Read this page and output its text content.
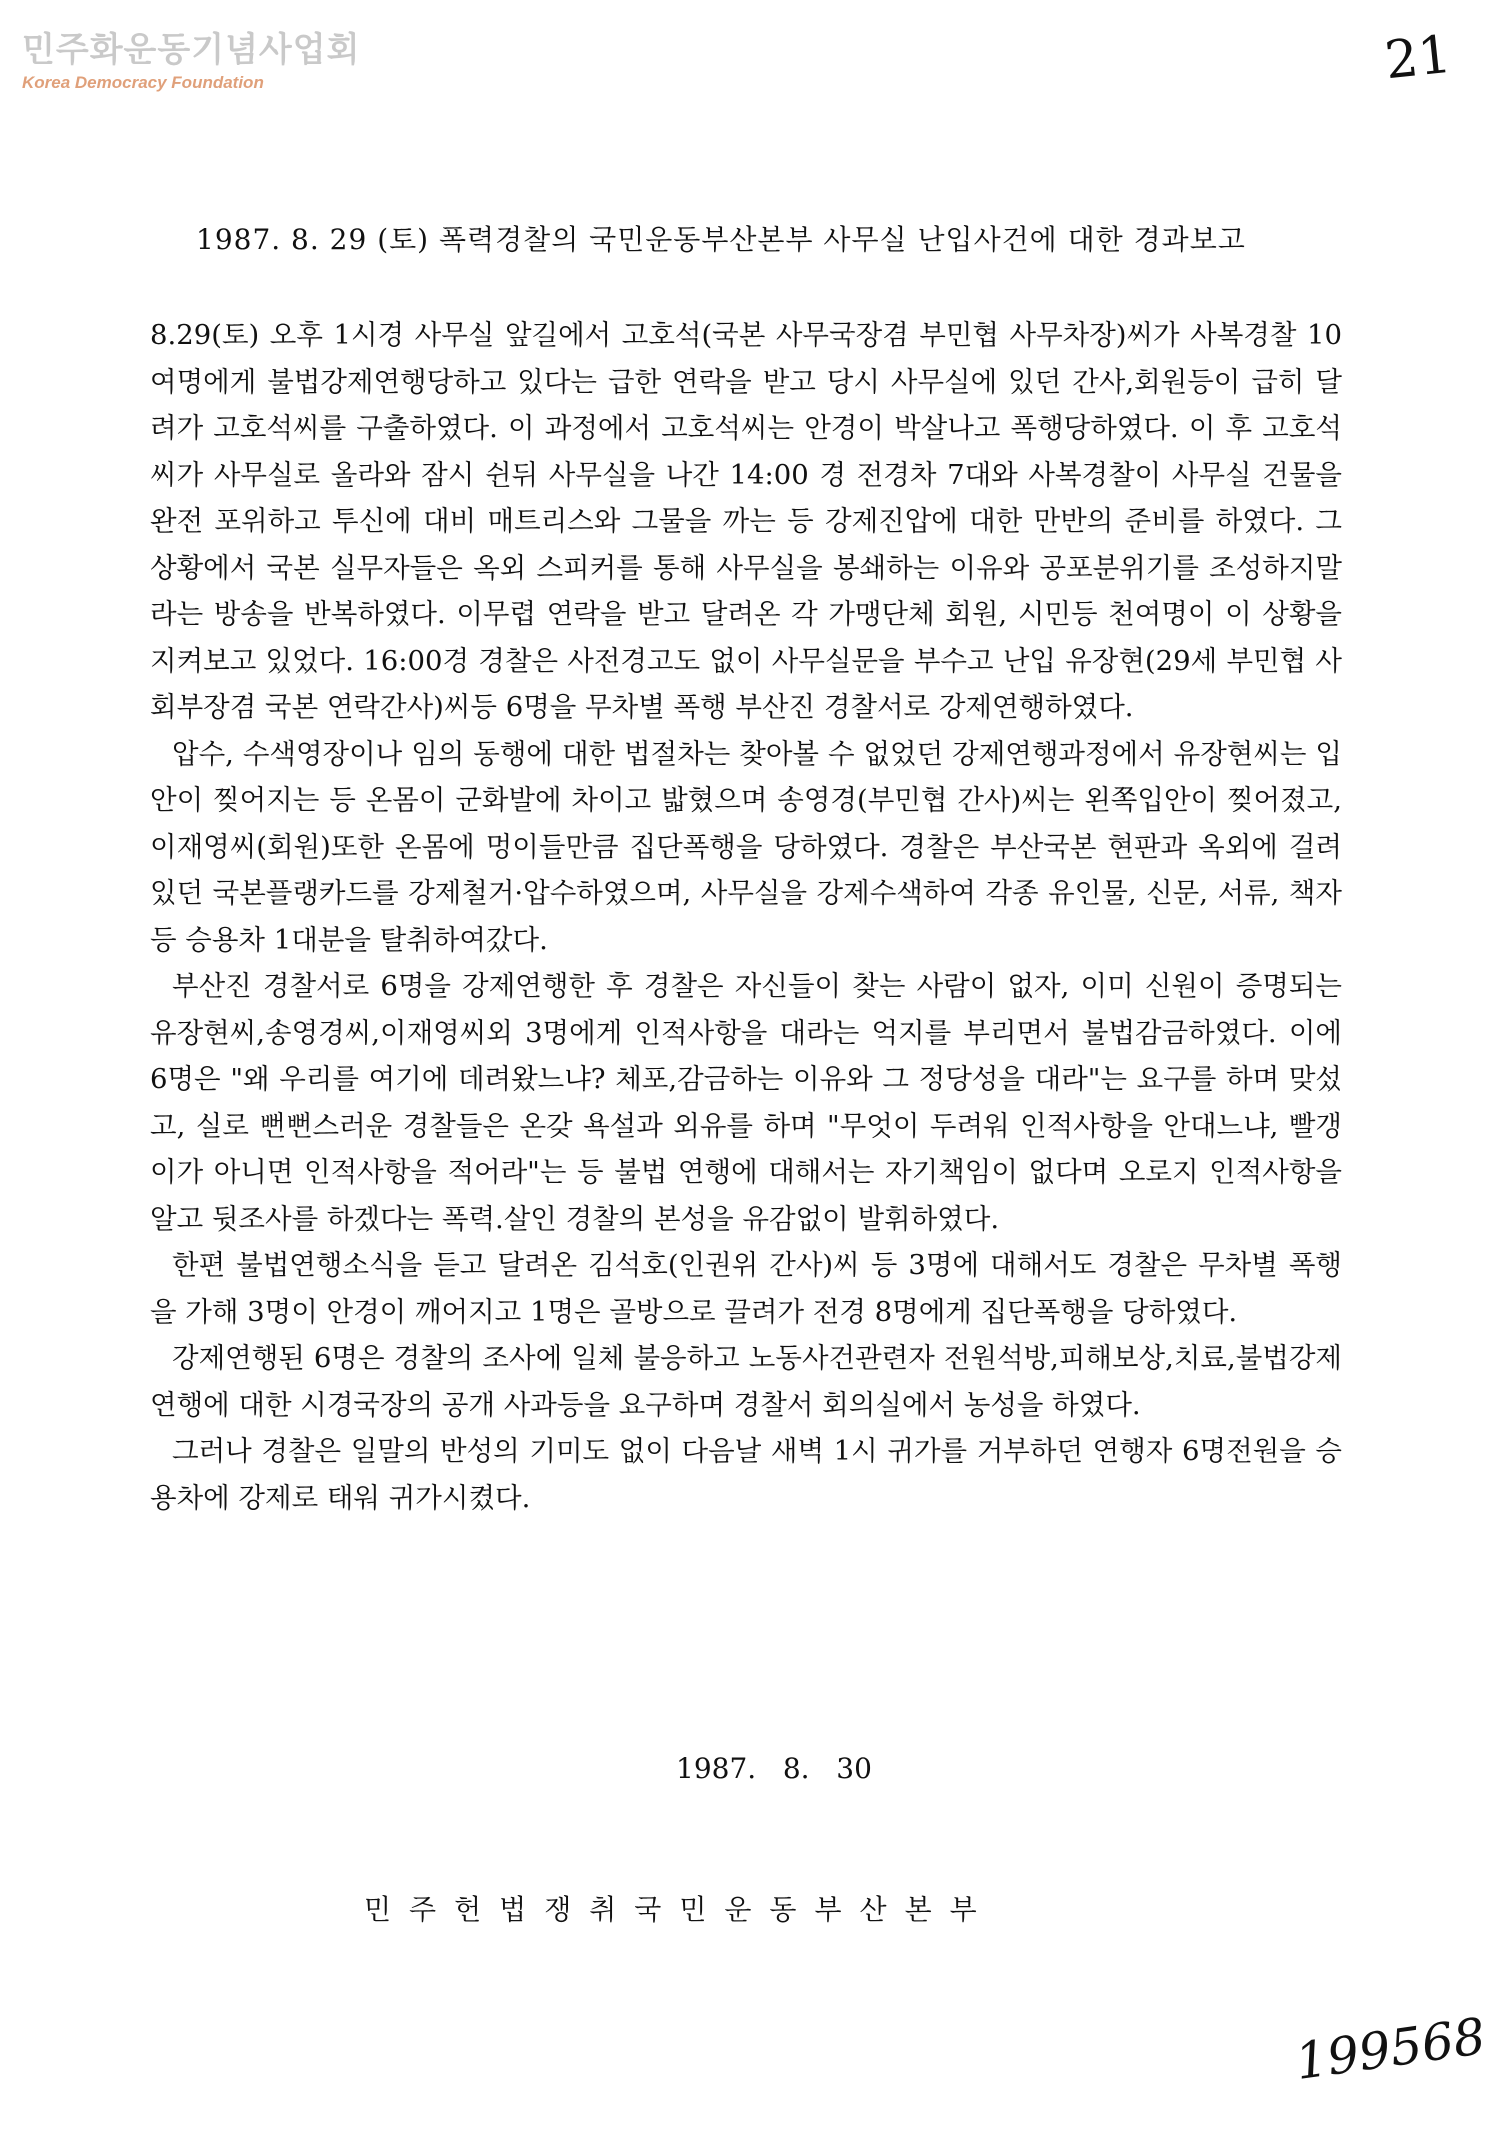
민주화운동기념사업회
Korea Democracy Foundation	21
1987. 8. 29 (토) 폭력경찰의 국민운동부산본부 사무실 난입사건에 대한 경과보고

8.29(토) 오후 1시경 사무실 앞길에서 고호석(국본 사무국장겸 부민협 사무차장)씨가 사복경찰 10여명에게 불법강제연행당하고 있다는 급한 연락을 받고 당시 사무실에 있던 간사,회원등이 급히 달려가 고호석씨를 구출하였다. 이 과정에서 고호석씨는 안경이 박살나고 폭행당하였다. 이 후 고호석씨가 사무실로 올라와 잠시 쉰뒤 사무실을 나간 14:00 경 전경차 7대와 사복경찰이 사무실 건물을 완전 포위하고 투신에 대비 매트리스와 그물을 까는 등 강제진압에 대한 만반의 준비를 하였다. 그 상황에서 국본 실무자들은 옥외 스피커를 통해 사무실을 봉쇄하는 이유와 공포분위기를 조성하지말라는 방송을 반복하였다. 이무렵 연락을 받고 달려온 각 가맹단체 회원, 시민등 천여명이 이 상황을 지켜보고 있었다. 16:00경 경찰은 사전경고도 없이 사무실문을 부수고 난입 유장현(29세 부민협 사회부장겸 국본 연락간사)씨등 6명을 무차별 폭행 부산진 경찰서로 강제연행하였다.

압수, 수색영장이나 임의 동행에 대한 법절차는 찾아볼 수 없었던 강제연행과정에서 유장현씨는 입안이 찢어지는 등 온몸이 군화발에 차이고 밟혔으며 송영경(부민협 간사)씨는 왼쪽입안이 찢어졌고, 이재영씨(회원)또한 온몸에 멍이들만큼 집단폭행을 당하였다. 경찰은 부산국본 현판과 옥외에 걸려있던 국본플랭카드를 강제철거·압수하였으며, 사무실을 강제수색하여 각종 유인물, 신문, 서류, 책자 등 승용차 1대분을 탈취하여갔다.

부산진 경찰서로 6명을 강제연행한 후 경찰은 자신들이 찾는 사람이 없자, 이미 신원이 증명되는 유장현씨,송영경씨,이재영씨외 3명에게 인적사항을 대라는 억지를 부리면서 불법감금하였다. 이에 6명은 "왜 우리를 여기에 데려왔느냐? 체포,감금하는 이유와 그 정당성을 대라"는 요구를 하며 맞섰고, 실로 뻔뻔스러운 경찰들은 온갖 욕설과 외유를 하며 "무엇이 두려워 인적사항을 안대느냐, 빨갱이가 아니면 인적사항을 적어라"는 등 불법 연행에 대해서는 자기책임이 없다며 오로지 인적사항을 알고 뒷조사를 하겠다는 폭력.살인 경찰의 본성을 유감없이 발휘하였다.

한편 불법연행소식을 듣고 달려온 김석호(인권위 간사)씨 등 3명에 대해서도 경찰은 무차별 폭행을 가해 3명이 안경이 깨어지고 1명은 골방으로 끌려가 전경 8명에게 집단폭행을 당하였다.

강제연행된 6명은 경찰의 조사에 일체 불응하고 노동사건관련자 전원석방,피해보상,치료,불법강제연행에 대한 시경국장의 공개 사과등을 요구하며 경찰서 회의실에서 농성을 하였다.

그러나 경찰은 일말의 반성의 기미도 없이 다음날 새벽 1시 귀가를 거부하던 연행자 6명전원을 승용차에 강제로 태워 귀가시켰다.

1987.   8.   30
민주헌법쟁취국민운동부산본부
199568
